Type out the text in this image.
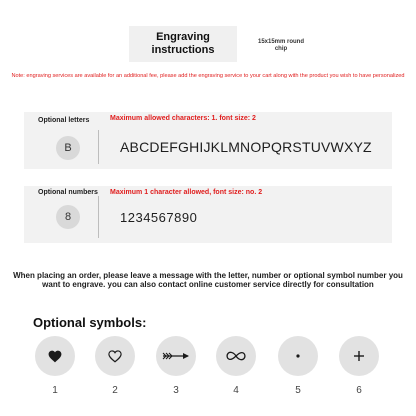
Engraving
instructions
15x15mm round
chip
Note: engraving services are available for an additional fee, please add the engraving service to your cart along with the product you wish to have personalized
Optional letters	Maximum allowed characters: 1. font size: 2
B	ABCDEFGHIJKLMNOPQRSTUVWXYZ
Optional numbers Maximum 1 character allowed, font size: no. 2
8	1234567890
When placing an order, please leave a message with the letter, number or optional symbol number you want to engrave. you can also contact online customer service directly for consultation
Optional symbols:
1	2	3	4	5	6
